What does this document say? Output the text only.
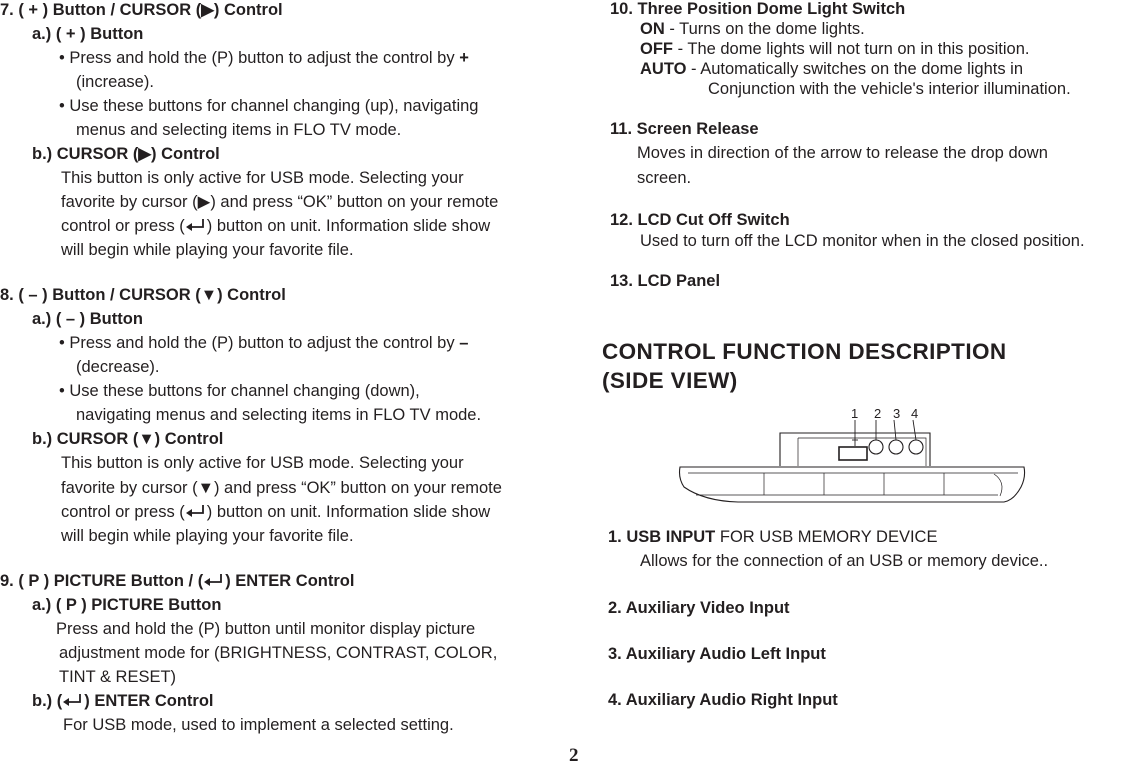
7. ( + ) Button / CURSOR (▶) Control
a.) ( + ) Button
• Press and hold the (P) button to adjust the control by +
(increase).
• Use these buttons for channel changing (up), navigating
menus and selecting items in FLO TV mode.
b.) CURSOR (▶) Control
This button is only active for USB mode. Selecting your
favorite by cursor (▶) and press “OK” button on your remote
control or press ( ) button on unit. Information slide show
will begin while playing your favorite file.
8. ( – ) Button / CURSOR (▼) Control
a.) ( – ) Button
• Press and hold the (P) button to adjust the control by –
(decrease).
• Use these buttons for channel changing (down),
navigating menus and selecting items in FLO TV mode.
b.) CURSOR (▼) Control
This button is only active for USB mode. Selecting your
favorite by cursor (▼) and press “OK” button on your remote
control or press ( ) button on unit. Information slide show
will begin while playing your favorite file.
9. ( P ) PICTURE Button / ( ) ENTER Control
a.) ( P ) PICTURE Button
Press and hold the (P) button until monitor display picture
adjustment mode for (BRIGHTNESS, CONTRAST, COLOR,
TINT & RESET)
b.) ( ) ENTER Control
For USB mode, used to implement a selected setting.
10. Three Position Dome Light Switch
ON - Turns on the dome lights.
OFF - The dome lights will not turn on in this position.
AUTO - Automatically switches on the dome lights in
Conjunction with the vehicle's interior illumination.
11. Screen Release
Moves in direction of the arrow to release the drop down
screen.
12. LCD Cut Off Switch
Used to turn off the LCD monitor when in the closed position.
13. LCD Panel
CONTROL FUNCTION DESCRIPTION
(SIDE VIEW)
1 2 3 4
1. USB INPUT FOR USB MEMORY DEVICE
Allows for the connection of an USB or memory device..
2. Auxiliary Video Input
3. Auxiliary Audio Left Input
4. Auxiliary Audio Right Input
2
